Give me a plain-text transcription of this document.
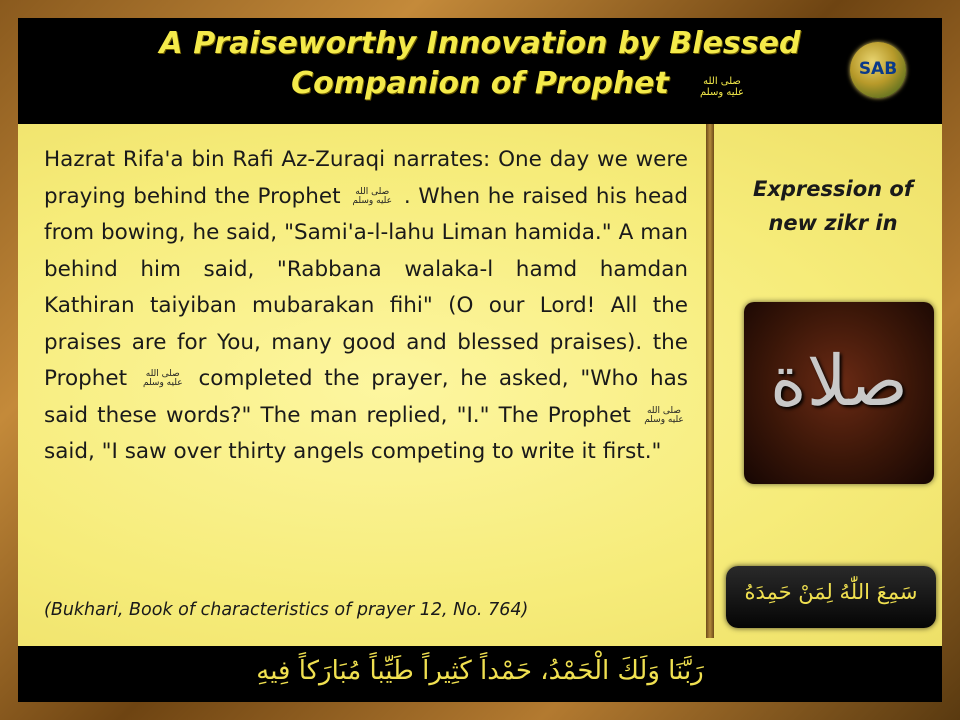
A Praiseworthy Innovation by Blessed
Companion of Prophet	صلى الله عليه وسلم
SAB
Hazrat Rifa'a bin Rafi Az-Zuraqi narrates: One day we were praying behind the Prophet صلى الله عليه وسلم . When he raised his head from bowing, he said, "Sami'a-l-lahu Liman hamida." A man behind him said, "Rabbana walaka-l hamd hamdan Kathiran taiyiban mubarakan fihi" (O our Lord! All the praises are for You, many good and blessed praises). the Prophet صلى الله عليه وسلم completed the prayer, he asked, "Who has said these words?" The man replied, "I." The Prophet صلى الله عليه وسلم said, "I saw over thirty angels competing to write it first."
(Bukhari, Book of characteristics of prayer 12, No. 764)
Expression of new zikr in
صلاة
سَمِعَ اللّٰهُ لِمَنْ حَمِدَهُ
رَبَّنَا وَلَكَ الْحَمْدُ، حَمْداً كَثِيراً طَيِّباً مُبَارَكاً فِيهِ
